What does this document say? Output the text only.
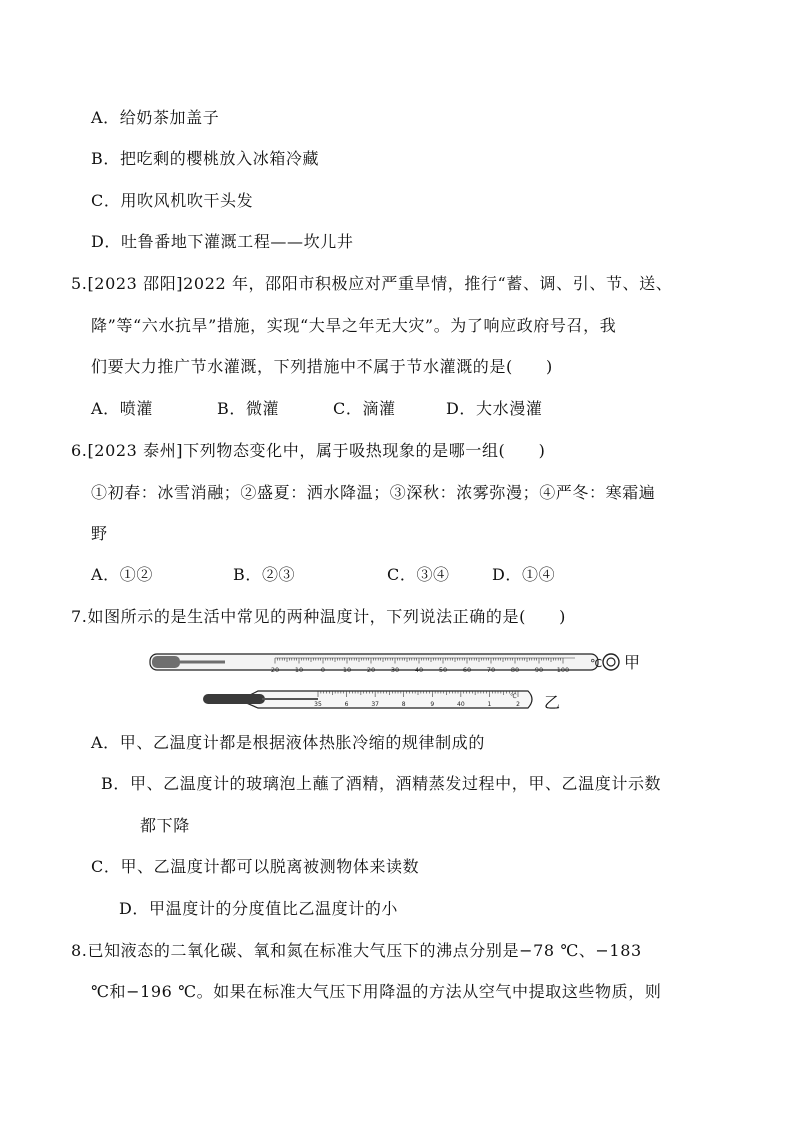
A．给奶茶加盖子
B．把吃剩的樱桃放入冰箱冷藏
C．用吹风机吹干头发
D．吐鲁番地下灌溉工程——坎儿井
5.[2023 邵阳]2022 年，邵阳市积极应对严重旱情，推行“蓄、调、引、节、送、
降”等“六水抗旱”措施，实现“大旱之年无大灾”。为了响应政府号召，我
们要大力推广节水灌溉，下列措施中不属于节水灌溉的是(　　)
A．喷灌	B．微灌	C．滴灌	D．大水漫灌
6.[2023 泰州]下列物态变化中，属于吸热现象的是哪一组(　　)
①初春：冰雪消融；②盛夏：洒水降温；③深秋：浓雾弥漫；④严冬：寒霜遍
野
A．①②	B．②③	C．③④	D．①④
7.如图所示的是生活中常见的两种温度计，下列说法正确的是(　　)
20 10	0	10 20 30 40 50 60 70 80 90 100 ℃ 甲
35	6	37	8	9	40	1	2
℃ 乙
A．甲、乙温度计都是根据液体热胀冷缩的规律制成的
B．甲、乙温度计的玻璃泡上蘸了酒精，酒精蒸发过程中，甲、乙温度计示数
都下降
C．甲、乙温度计都可以脱离被测物体来读数
D．甲温度计的分度值比乙温度计的小
8.已知液态的二氧化碳、氧和氮在标准大气压下的沸点分别是−78 ℃、−183
℃和−196 ℃。如果在标准大气压下用降温的方法从空气中提取这些物质，则
